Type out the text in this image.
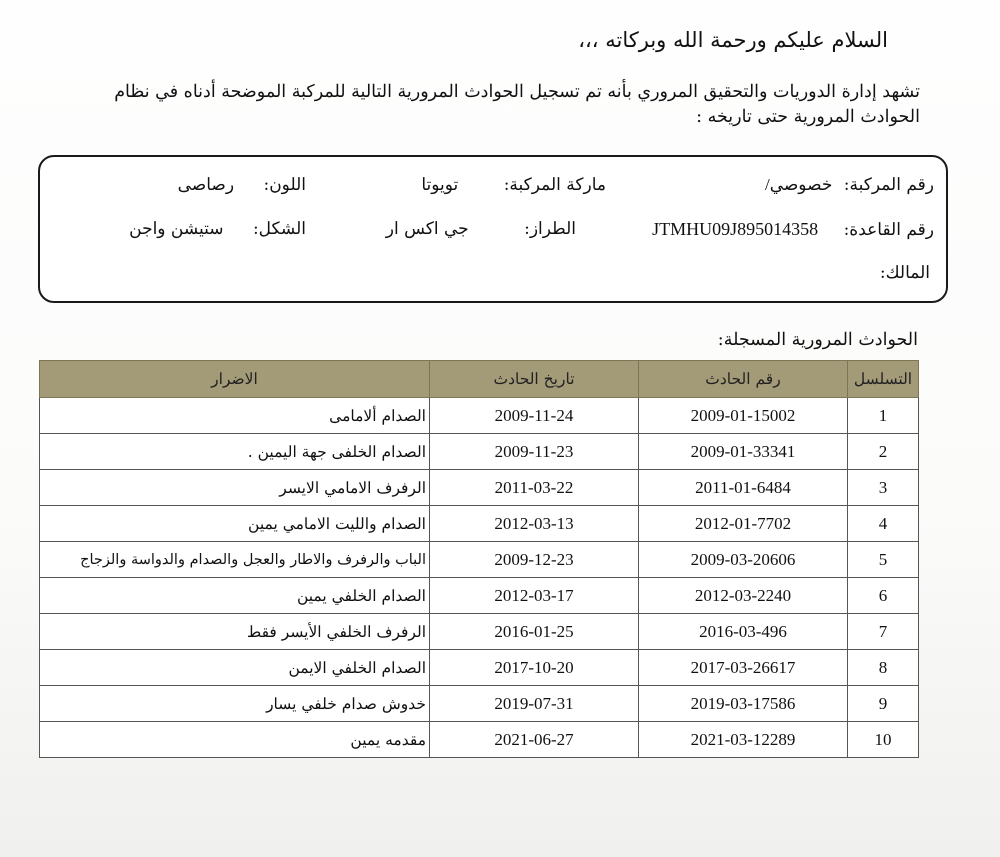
السلام عليكم ورحمة الله وبركاته ،،،
تشهد إدارة الدوريات والتحقيق المروري بأنه تم تسجيل الحوادث المرورية التالية للمركبة الموضحة أدناه في نظام الحوادث المرورية حتى تاريخه :
رقم المركبة: خصوصي/
ماركة المركبة: تويوتا
اللون: رصاصى
رقم القاعدة: JTMHU09J895014358
الطراز: جي اكس ار
الشكل: ستيشن واجن
المالك:
الحوادث المرورية المسجلة:
التسلسل	رقم الحادث	تاريخ الحادث	الاضرار
1	2009-01-15002	2009-11-24	الصدام ألامامى
2	2009-01-33341	2009-11-23	الصدام الخلفى جهة اليمين .
3	2011-01-6484	2011-03-22	الرفرف الامامي الايسر
4	2012-01-7702	2012-03-13	الصدام والليت الامامي يمين
5	2009-03-20606	2009-12-23	الباب والرفرف والاطار والعجل والصدام والدواسة والزجاج
6	2012-03-2240	2012-03-17	الصدام الخلفي يمين
7	2016-03-496	2016-01-25	الرفرف الخلفي الأيسر فقط
8	2017-03-26617	2017-10-20	الصدام الخلفي الايمن
9	2019-03-17586	2019-07-31	خدوش صدام خلفي يسار
10	2021-03-12289	2021-06-27	مقدمه يمين
